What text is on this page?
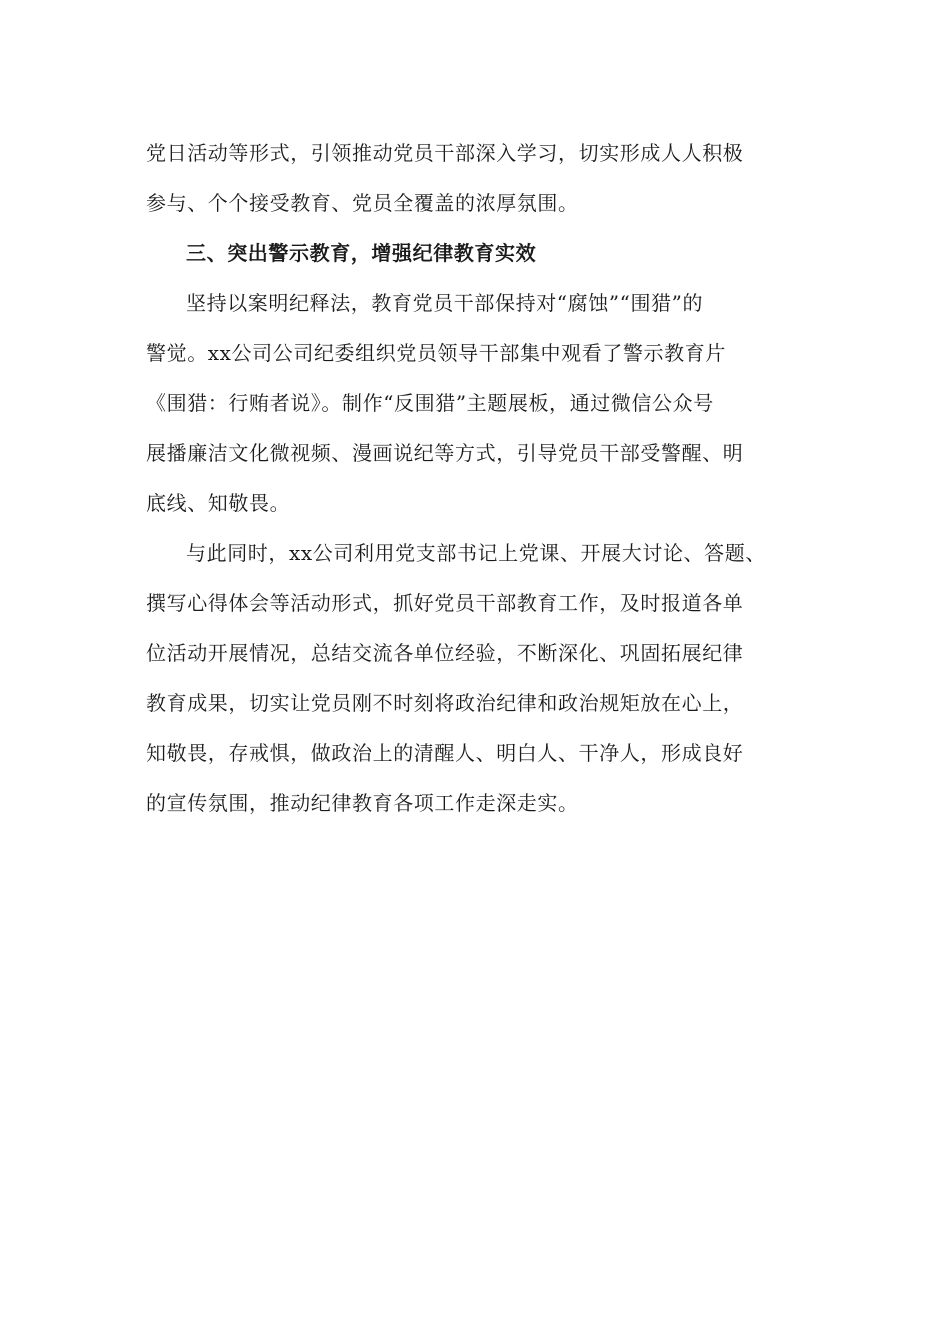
党日活动等形式，引领推动党员干部深入学习，切实形成人人积极
参与、个个接受教育、党员全覆盖的浓厚氛围。
三、突出警示教育，增强纪律教育实效
坚持以案明纪释法，教育党员干部保持对“腐蚀”“围猎”的
警觉。xx公司公司纪委组织党员领导干部集中观看了警示教育片
《围猎：行贿者说》。制作“反围猎”主题展板，通过微信公众号
展播廉洁文化微视频、漫画说纪等方式，引导党员干部受警醒、明
底线、知敬畏。
与此同时，xx公司利用党支部书记上党课、开展大讨论、答题、
撰写心得体会等活动形式，抓好党员干部教育工作，及时报道各单
位活动开展情况，总结交流各单位经验，不断深化、巩固拓展纪律
教育成果，切实让党员刚不时刻将政治纪律和政治规矩放在心上，
知敬畏，存戒惧，做政治上的清醒人、明白人、干净人，形成良好
的宣传氛围，推动纪律教育各项工作走深走实。
